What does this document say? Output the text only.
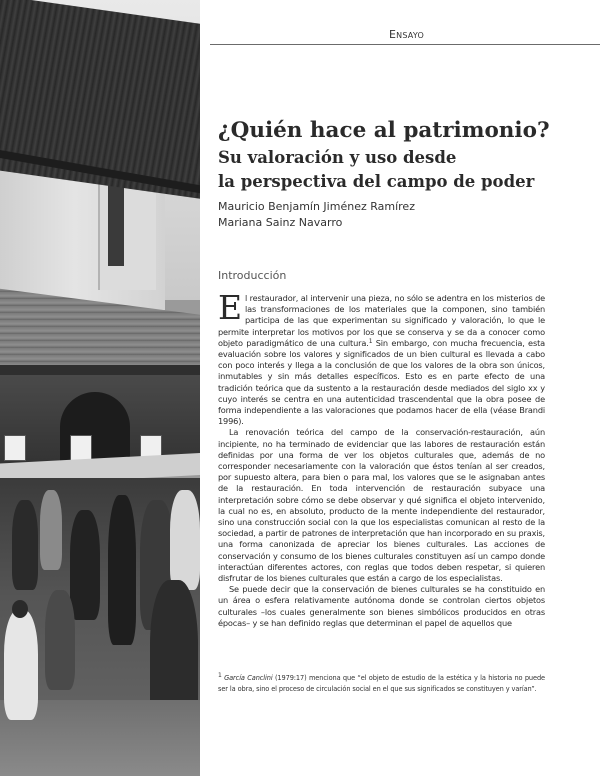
Ensayo
¿Quién hace al patrimonio?
Su valoración y uso desde
la perspectiva del campo de poder
Mauricio Benjamín Jiménez Ramírez
Mariana Sainz Navarro
Introducción

El restaurador, al intervenir una pieza, no sólo se adentra en los misterios de las transformaciones de los materiales que la componen, sino también participa de las que experimentan su significado y valoración, lo que le permite interpretar los motivos por los que se conserva y se da a conocer como objeto paradigmático de una cultura.$^1$ Sin embargo, con mucha frecuencia, esta evaluación sobre los valores y significados de un bien cultural es llevada a cabo con poco interés y llega a la conclusión de que los valores de la obra son únicos, inmutables y sin más detalles específicos. Esto es en parte efecto de una tradición teórica que da sustento a la restauración desde mediados del siglo xx y cuyo interés se centra en una autenticidad trascendental que la obra posee de forma independiente a las valoraciones que podamos hacer de ella (véase Brandi 1996).

La renovación teórica del campo de la conservación-restauración, aún incipiente, no ha terminado de evidenciar que las labores de restauración están definidas por una forma de ver los objetos culturales que, además de no corresponder necesariamente con la valoración que éstos tenían al ser creados, por supuesto altera, para bien o para mal, los valores que se le asignaban antes de la restauración. En toda intervención de restauración subyace una interpretación sobre cómo se debe observar y qué significa el objeto intervenido, la cual no es, en absoluto, producto de la mente independiente del restaurador, sino una construcción social con la que los especialistas comunican al resto de la sociedad, a partir de patrones de interpretación que han incorporado en su praxis, una forma canonizada de apreciar los bienes culturales. Las acciones de conservación y consumo de los bienes culturales constituyen así un campo donde interactúan diferentes actores, con reglas que todos deben respetar, si quieren disfrutar de los bienes culturales que están a cargo de los especialistas.

Se puede decir que la conservación de bienes culturales se ha constituido en un área o esfera relativamente autónoma donde se controlan ciertos objetos culturales –los cuales generalmente son bienes simbólicos producidos en otras épocas– y se han definido reglas que determinan el papel de aquellos que

$^1$ García Canclini (1979:17) menciona que “el objeto de estudio de la estética y la historia no puede ser la obra, sino el proceso de circulación social en el que sus significados se constituyen y varían”.
